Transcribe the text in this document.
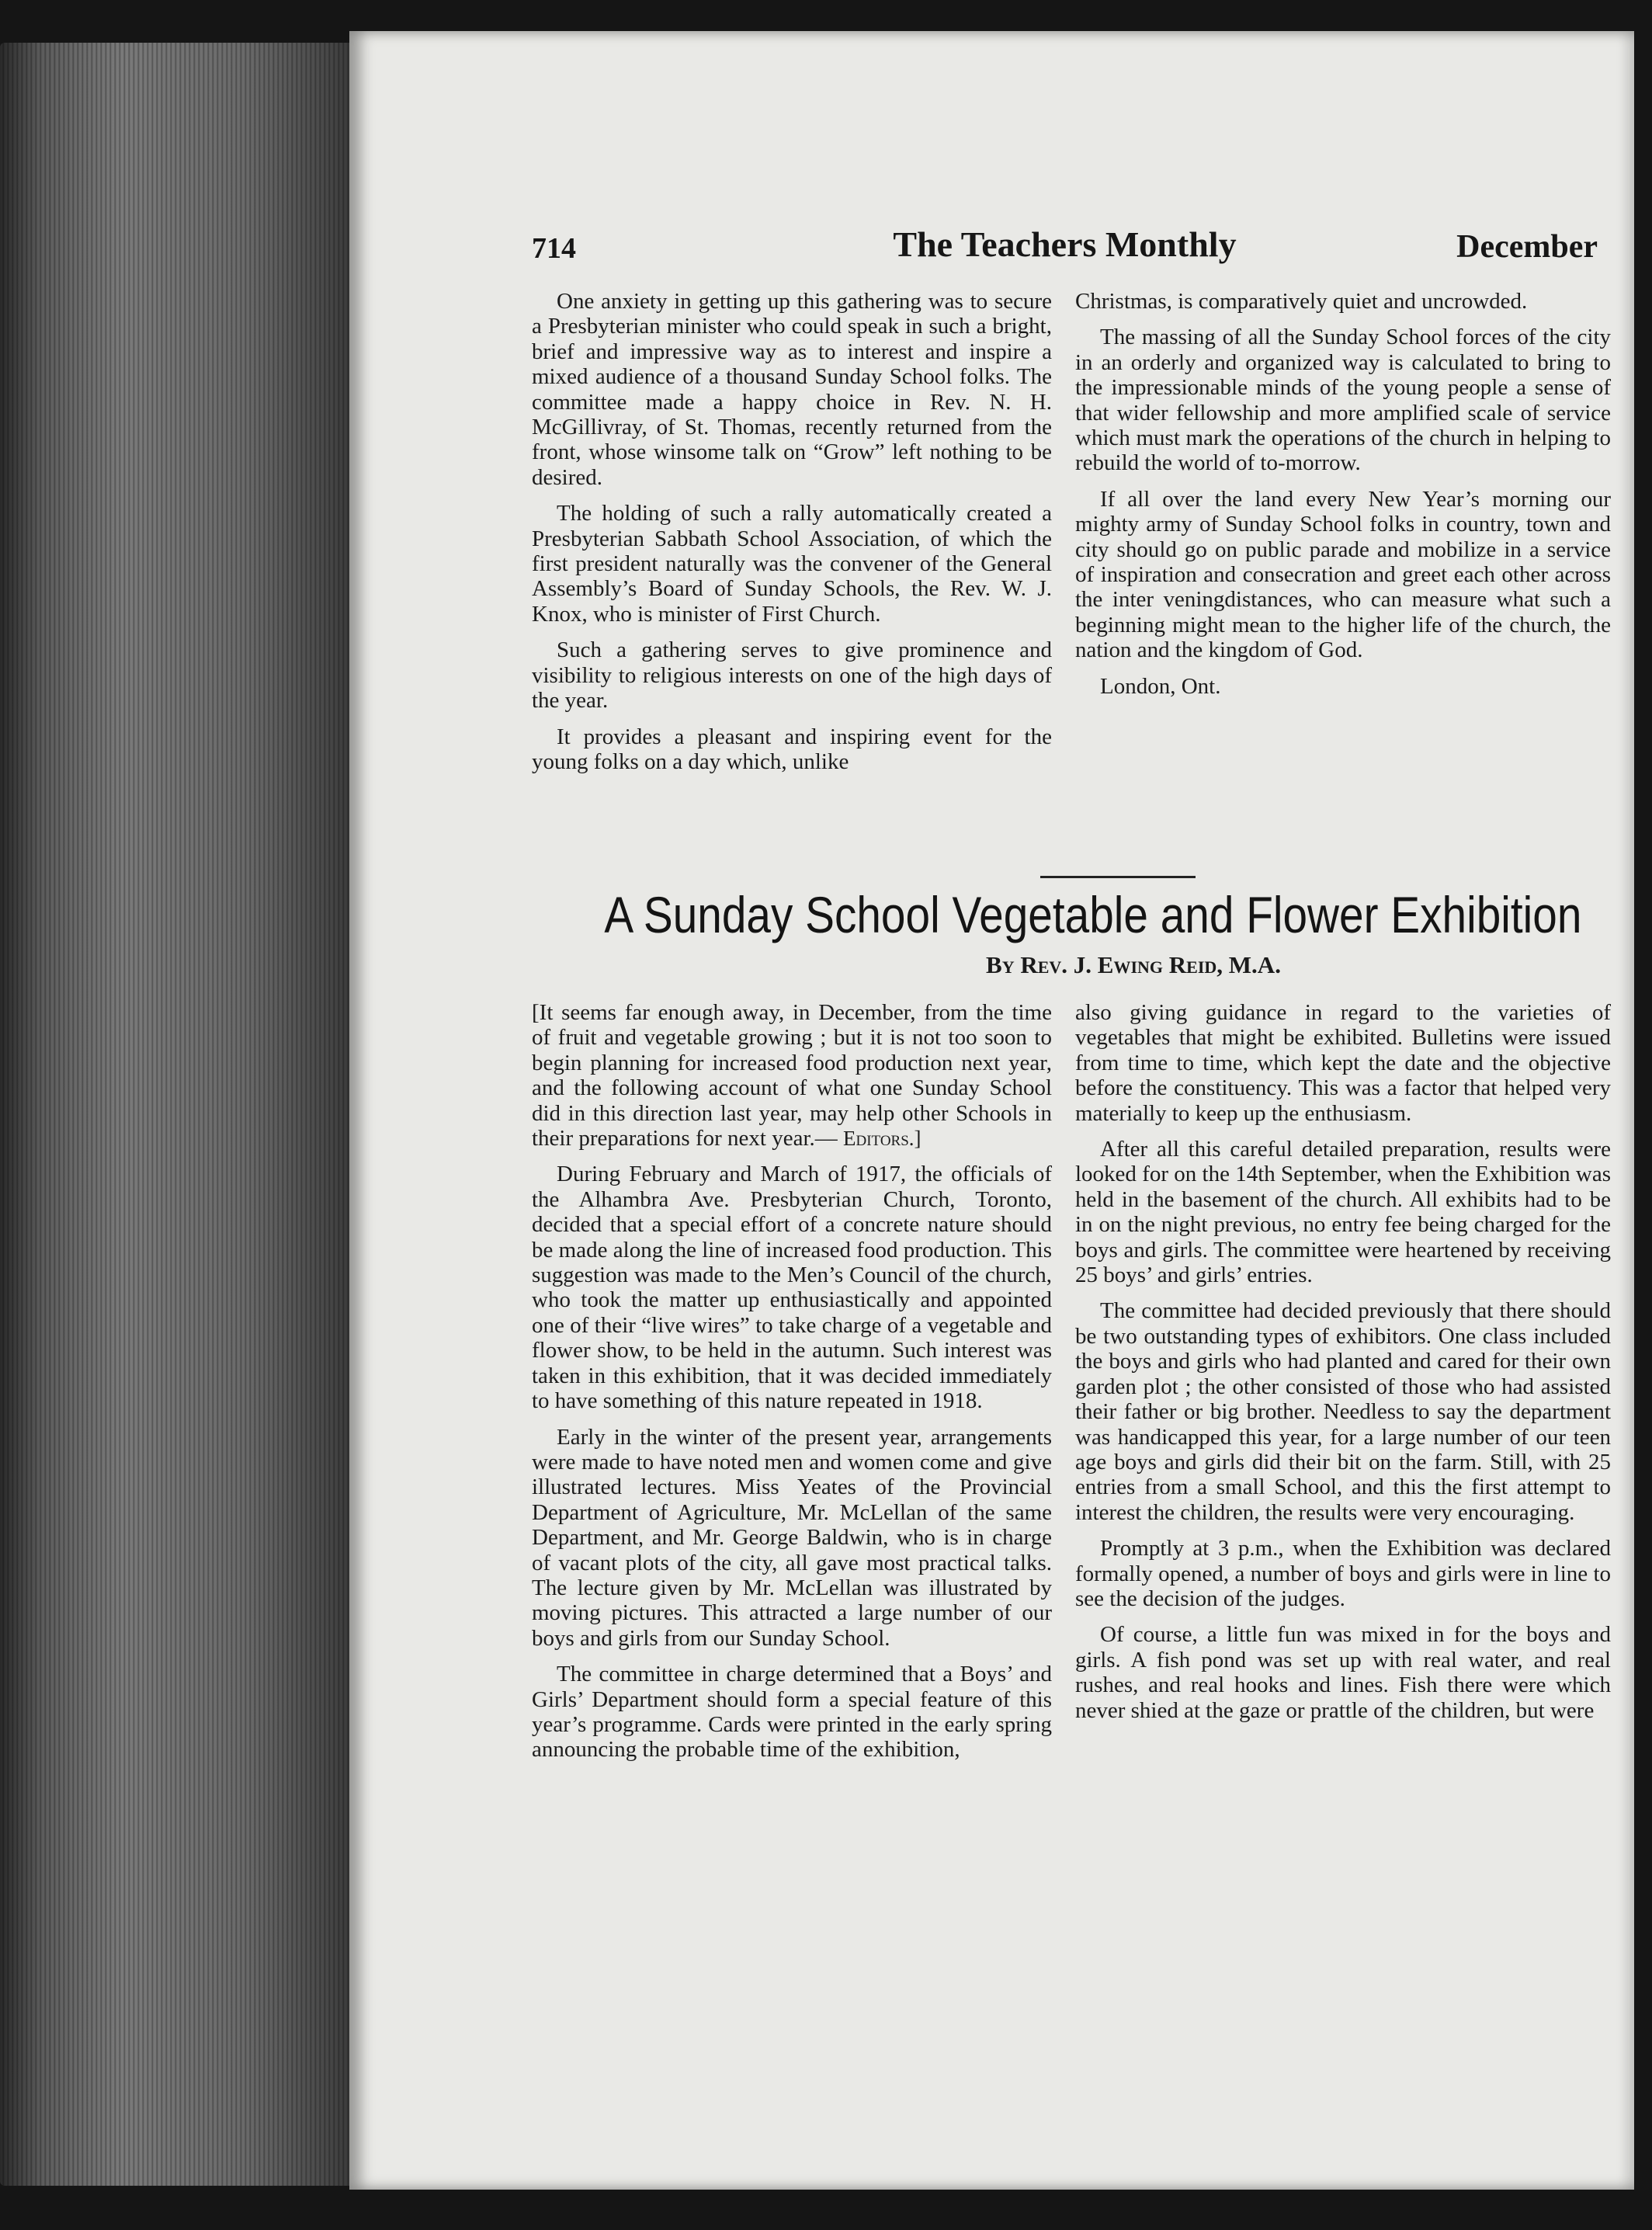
714	The Teachers Monthly	December

One anxiety in getting up this gathering was to secure a Presbyterian minister who could speak in such a bright, brief and impressive way as to interest and inspire a mixed audience of a thousand Sunday School folks. The committee made a happy choice in Rev. N. H. McGillivray, of St. Thomas, recently returned from the front, whose winsome talk on “Grow” left nothing to be desired.

The holding of such a rally automatically created a Presbyterian Sabbath School Association, of which the first president naturally was the convener of the General Assembly’s Board of Sunday Schools, the Rev. W. J. Knox, who is minister of First Church.

Such a gathering serves to give prominence and visibility to religious interests on one of the high days of the year.

It provides a pleasant and inspiring event for the young folks on a day which, unlike

Christmas, is comparatively quiet and uncrowded.

The massing of all the Sunday School forces of the city in an orderly and organized way is calculated to bring to the impressionable minds of the young people a sense of that wider fellowship and more amplified scale of service which must mark the operations of the church in helping to rebuild the world of to-morrow.

If all over the land every New Year’s morning our mighty army of Sunday School folks in country, town and city should go on public parade and mobilize in a service of inspiration and consecration and greet each other across the inter veningdistances, who can measure what such a beginning might mean to the higher life of the church, the nation and the kingdom of God.

London, Ont.

A Sunday School Vegetable and Flower Exhibition
By Rev. J. Ewing Reid, M.A.

[It seems far enough away, in December, from the time of fruit and vegetable growing ; but it is not too soon to begin planning for increased food production next year, and the following account of what one Sunday School did in this direction last year, may help other Schools in their preparations for next year.— Editors.]

During February and March of 1917, the officials of the Alhambra Ave. Presbyterian Church, Toronto, decided that a special effort of a concrete nature should be made along the line of increased food production. This suggestion was made to the Men’s Council of the church, who took the matter up enthusiastically and appointed one of their “live wires” to take charge of a vegetable and flower show, to be held in the autumn. Such interest was taken in this exhibition, that it was decided immediately to have something of this nature repeated in 1918.

Early in the winter of the present year, arrangements were made to have noted men and women come and give illustrated lectures. Miss Yeates of the Provincial Department of Agriculture, Mr. McLellan of the same Department, and Mr. George Baldwin, who is in charge of vacant plots of the city, all gave most practical talks. The lecture given by Mr. McLellan was illustrated by moving pictures. This attracted a large number of our boys and girls from our Sunday School.

The committee in charge determined that a Boys’ and Girls’ Department should form a special feature of this year’s programme. Cards were printed in the early spring announcing the probable time of the exhibition,

also giving guidance in regard to the varieties of vegetables that might be exhibited. Bulletins were issued from time to time, which kept the date and the objective before the constituency. This was a factor that helped very materially to keep up the enthusiasm.

After all this careful detailed preparation, results were looked for on the 14th September, when the Exhibition was held in the basement of the church. All exhibits had to be in on the night previous, no entry fee being charged for the boys and girls. The committee were heartened by receiving 25 boys’ and girls’ entries.

The committee had decided previously that there should be two outstanding types of exhibitors. One class included the boys and girls who had planted and cared for their own garden plot ; the other consisted of those who had assisted their father or big brother. Needless to say the department was handicapped this year, for a large number of our teen age boys and girls did their bit on the farm. Still, with 25 entries from a small School, and this the first attempt to interest the children, the results were very encouraging.

Promptly at 3 p.m., when the Exhibition was declared formally opened, a number of boys and girls were in line to see the decision of the judges.

Of course, a little fun was mixed in for the boys and girls. A fish pond was set up with real water, and real rushes, and real hooks and lines. Fish there were which never shied at the gaze or prattle of the children, but were
